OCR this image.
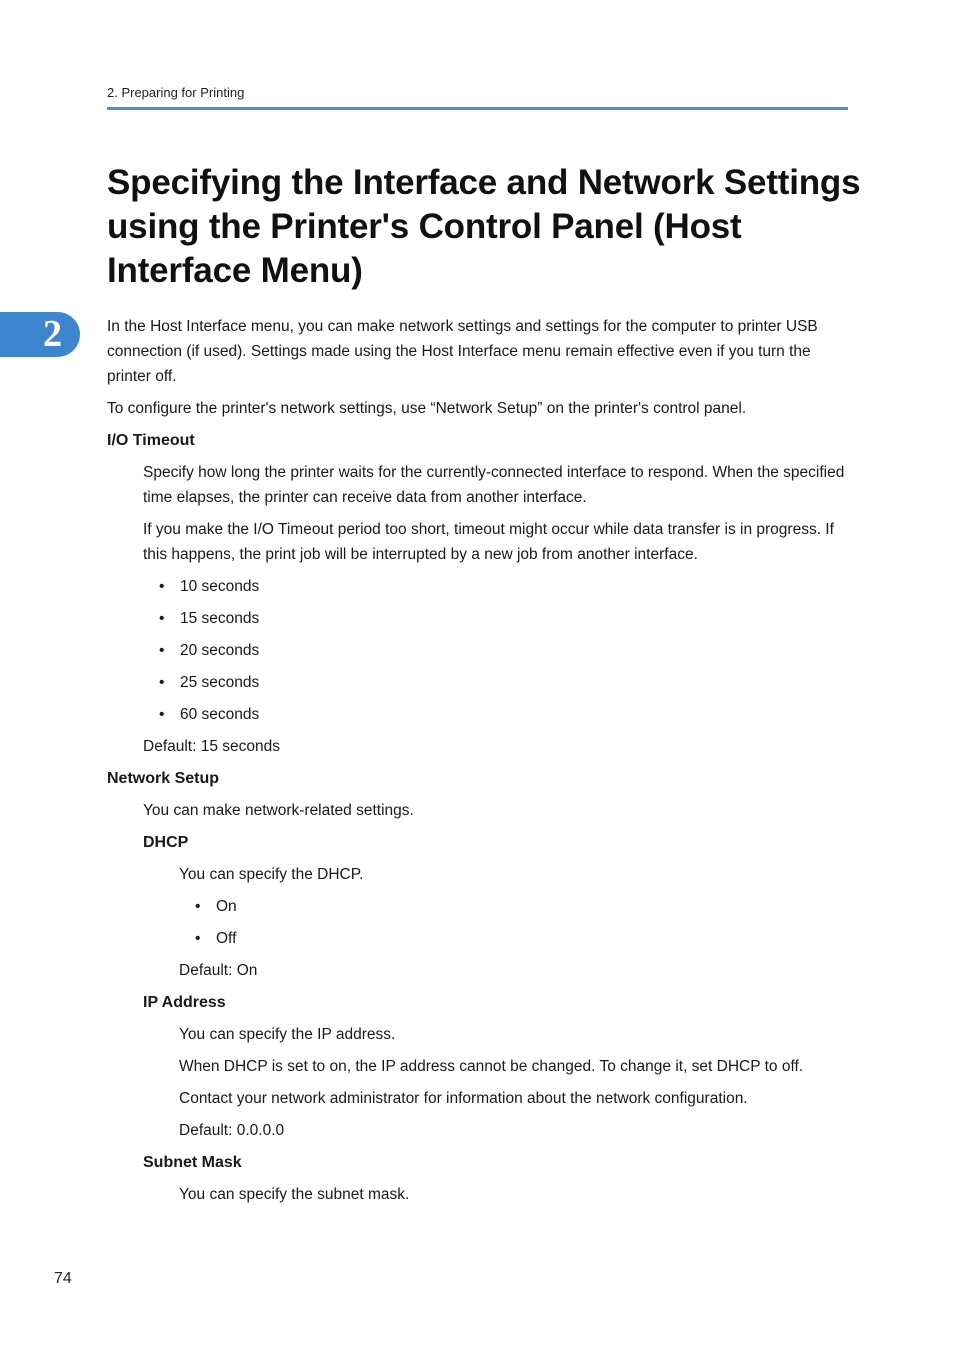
2. Preparing for Printing
2
Specifying the Interface and Network Settings using the Printer's Control Panel (Host Interface Menu)

In the Host Interface menu, you can make network settings and settings for the computer to printer USB connection (if used). Settings made using the Host Interface menu remain effective even if you turn the printer off.

To configure the printer's network settings, use “Network Setup” on the printer's control panel.

I/O Timeout

Specify how long the printer waits for the currently-connected interface to respond. When the specified time elapses, the printer can receive data from another interface.

If you make the I/O Timeout period too short, timeout might occur while data transfer is in progress. If this happens, the print job will be interrupted by a new job from another interface.

• 10 seconds
• 15 seconds
• 20 seconds
• 25 seconds
• 60 seconds

Default: 15 seconds

Network Setup

You can make network-related settings.

DHCP

You can specify the DHCP.

• On
• Off

Default: On

IP Address

You can specify the IP address.

When DHCP is set to on, the IP address cannot be changed. To change it, set DHCP to off.

Contact your network administrator for information about the network configuration.

Default: 0.0.0.0

Subnet Mask

You can specify the subnet mask.

74
